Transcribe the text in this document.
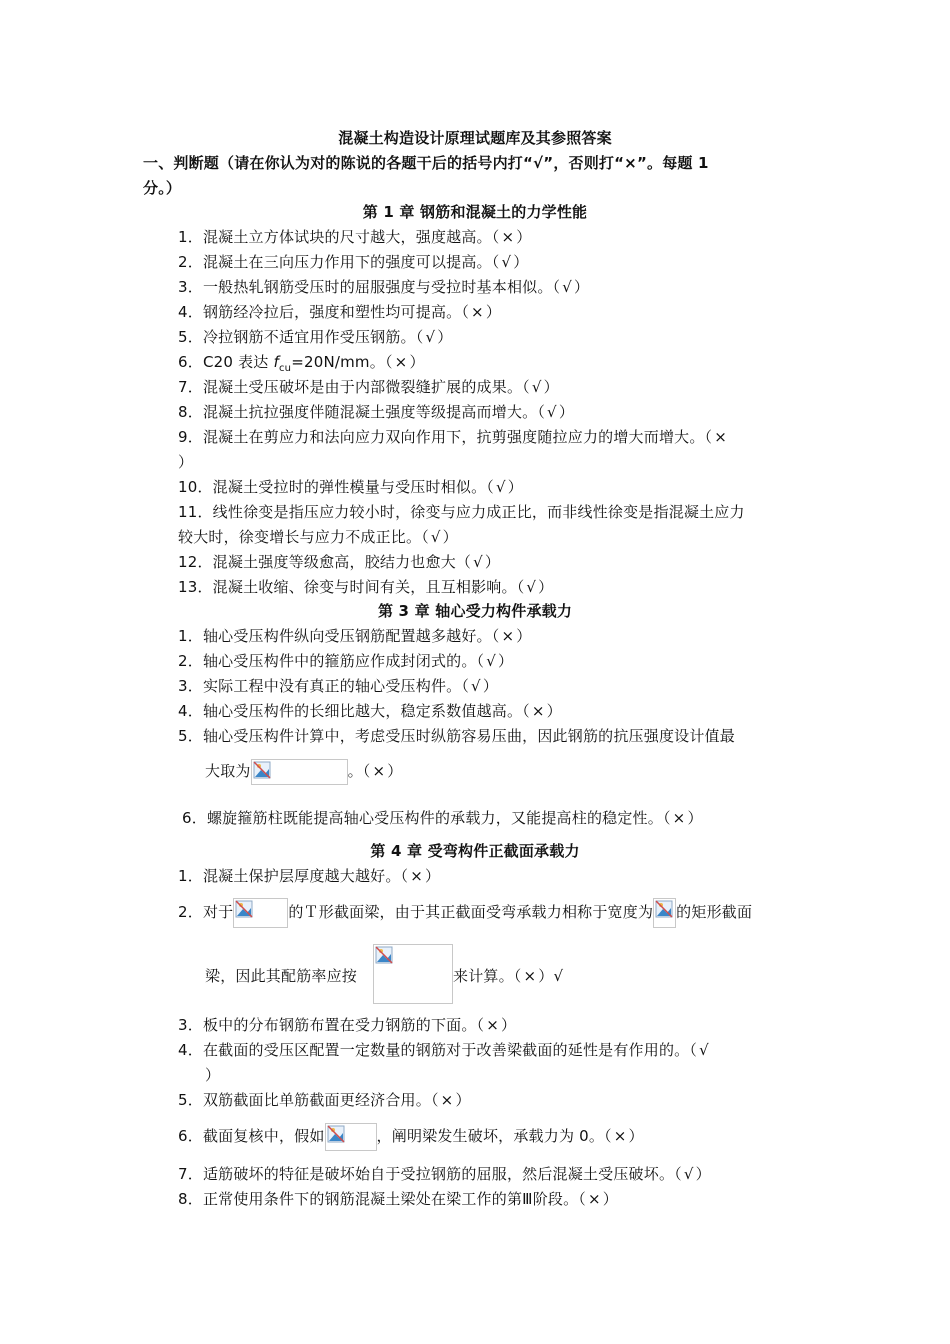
混凝土构造设计原理试题库及其参照答案
一、判断题（请在你认为对的陈说的各题干后的括号内打“√”，否则打“×”。每题 1
分。）
第 1 章 钢筋和混凝土的力学性能
1．混凝土立方体试块的尺寸越大，强度越高。（ × ）
2．混凝土在三向压力作用下的强度可以提高。（ √ ）
3．一般热轧钢筋受压时的屈服强度与受拉时基本相似。（ √ ）
4．钢筋经冷拉后，强度和塑性均可提高。（ × ）
5．冷拉钢筋不适宜用作受压钢筋。（ √ ）
6．C20 表达 $f_{cu}=20N/mm$。（ × ）
7．混凝土受压破坏是由于内部微裂缝扩展的成果。（ √ ）
8．混凝土抗拉强度伴随混凝土强度等级提高而增大。（ √ ）
9．混凝土在剪应力和法向应力双向作用下，抗剪强度随拉应力的增大而增大。（ ×
）
10．混凝土受拉时的弹性模量与受压时相似。（ √ ）
11．线性徐变是指压应力较小时，徐变与应力成正比，而非线性徐变是指混凝土应力
较大时，徐变增长与应力不成正比。（ √ ）
12．混凝土强度等级愈高，胶结力也愈大（ √ ）
13．混凝土收缩、徐变与时间有关，且互相影响。（ √ ）
第 3 章 轴心受力构件承载力
1．轴心受压构件纵向受压钢筋配置越多越好。（ × ）
2．轴心受压构件中的箍筋应作成封闭式的。（ √ ）
3．实际工程中没有真正的轴心受压构件。（ √ ）
4．轴心受压构件的长细比越大，稳定系数值越高。（ × ）
5．轴心受压构件计算中，考虑受压时纵筋容易压曲，因此钢筋的抗压强度设计值最
大取为	。（ × ）
6．螺旋箍筋柱既能提高轴心受压构件的承载力，又能提高柱的稳定性。（ × ）
第 4 章 受弯构件正截面承载力
1．混凝土保护层厚度越大越好。（ × ）
2．对于	的Ｔ形截面梁，由于其正截面受弯承载力相称于宽度为 的矩形截面
梁，因此其配筋率应按	来计算。（ × ）√
3．板中的分布钢筋布置在受力钢筋的下面。（ × ）
4．在截面的受压区配置一定数量的钢筋对于改善梁截面的延性是有作用的。（ √
）
5．双筋截面比单筋截面更经济合用。（ × ）
6．截面复核中，假如	，阐明梁发生破坏，承载力为 0。（ × ）
7．适筋破坏的特征是破坏始自于受拉钢筋的屈服，然后混凝土受压破坏。（ √ ）
8．正常使用条件下的钢筋混凝土梁处在梁工作的第Ⅲ阶段。（ × ）
